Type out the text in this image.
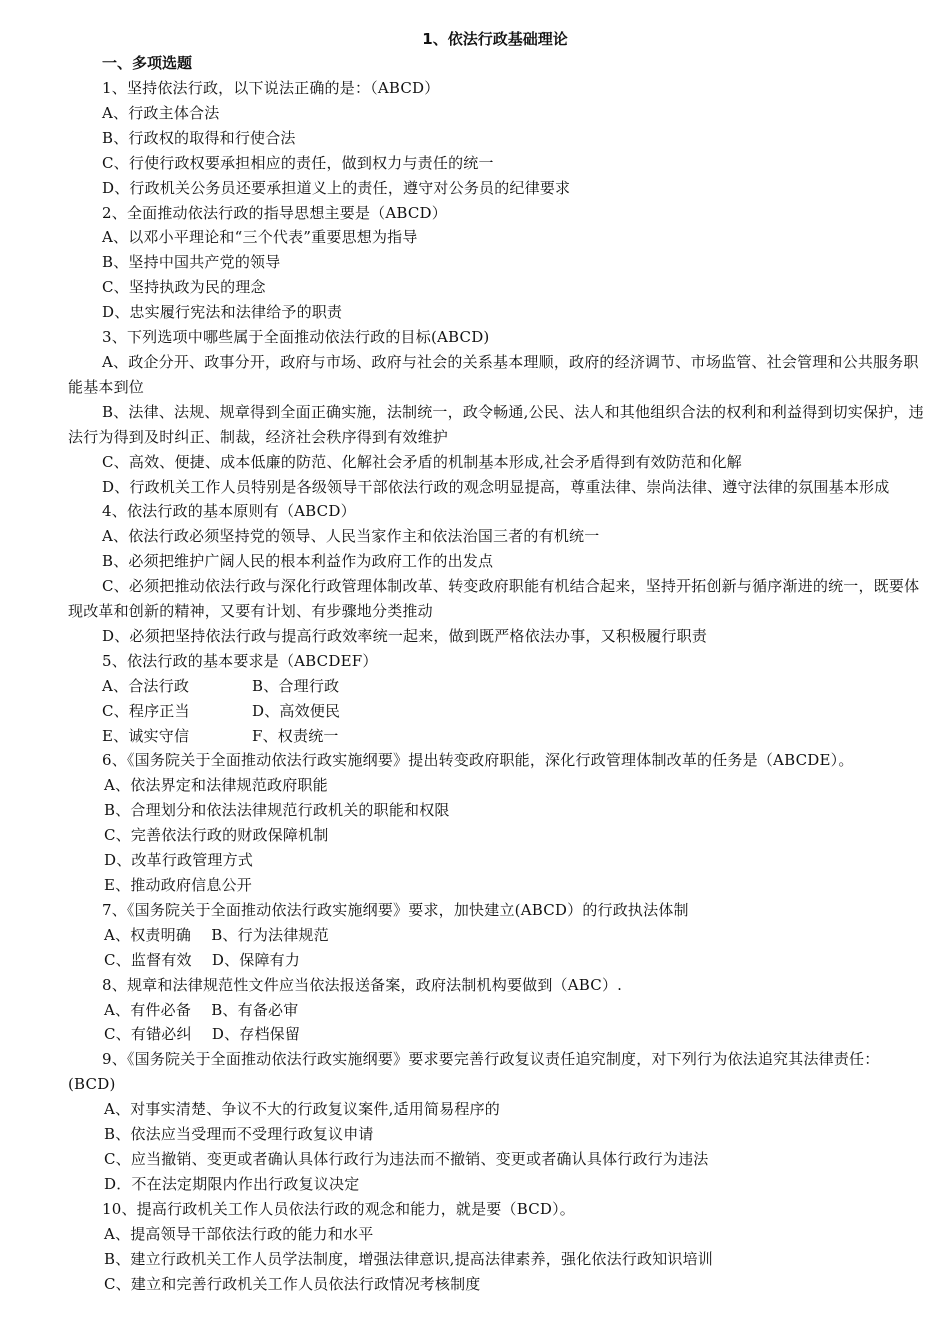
1、依法行政基础理论
一、多项选题

1、坚持依法行政，以下说法正确的是：（ABCD）

A、行政主体合法

B、行政权的取得和行使合法

C、行使行政权要承担相应的责任，做到权力与责任的统一

D、行政机关公务员还要承担道义上的责任，遵守对公务员的纪律要求

2、全面推动依法行政的指导思想主要是（ABCD）

A、以邓小平理论和“三个代表”重要思想为指导

B、坚持中国共产党的领导

C、坚持执政为民的理念

D、忠实履行宪法和法律给予的职责

3、下列选项中哪些属于全面推动依法行政的目标(ABCD)

A、政企分开、政事分开，政府与市场、政府与社会的关系基本理顺，政府的经济调节、市场监管、社会管理和公共服务职能基本到位

B、法律、法规、规章得到全面正确实施，法制统一，政令畅通,公民、法人和其他组织合法的权利和利益得到切实保护，违法行为得到及时纠正、制裁，经济社会秩序得到有效维护

C、高效、便捷、成本低廉的防范、化解社会矛盾的机制基本形成,社会矛盾得到有效防范和化解

D、行政机关工作人员特别是各级领导干部依法行政的观念明显提高，尊重法律、崇尚法律、遵守法律的氛围基本形成

4、依法行政的基本原则有（ABCD）

A、依法行政必须坚持党的领导、人民当家作主和依法治国三者的有机统一

B、必须把维护广阔人民的根本利益作为政府工作的出发点

C、必须把推动依法行政与深化行政管理体制改革、转变政府职能有机结合起来，坚持开拓创新与循序渐进的统一，既要体现改革和创新的精神，又要有计划、有步骤地分类推动

D、必须把坚持依法行政与提高行政效率统一起来，做到既严格依法办事，又积极履行职责

5、依法行政的基本要求是（ABCDEF）

A、合法行政	B、合理行政
C、程序正当	D、高效便民
E、诚实守信	F、权责统一

6、《国务院关于全面推动依法行政实施纲要》提出转变政府职能，深化行政管理体制改革的任务是（ABCDE）。

A、依法界定和法律规范政府职能

B、合理划分和依法法律规范行政机关的职能和权限

C、完善依法行政的财政保障机制

D、改革行政管理方式

E、推动政府信息公开

7、《国务院关于全面推动依法行政实施纲要》要求，加快建立(ABCD）的行政执法体制

A、权责明确　 B、行为法律规范

C、监督有效　 D、保障有力

8、规章和法律规范性文件应当依法报送备案，政府法制机构要做到（ABC）.

A、有件必备　 B、有备必审

C、有错必纠　 D、存档保留

9、《国务院关于全面推动依法行政实施纲要》要求要完善行政复议责任追究制度，对下列行为依法追究其法律责任：(BCD)

A、对事实清楚、争议不大的行政复议案件,适用简易程序的

B、依法应当受理而不受理行政复议申请

C、应当撤销、变更或者确认具体行政行为违法而不撤销、变更或者确认具体行政行为违法

D．不在法定期限内作出行政复议决定

10、提高行政机关工作人员依法行政的观念和能力，就是要（BCD）。

A、提高领导干部依法行政的能力和水平

B、建立行政机关工作人员学法制度，增强法律意识,提高法律素养，强化依法行政知识培训

C、建立和完善行政机关工作人员依法行政情况考核制度
